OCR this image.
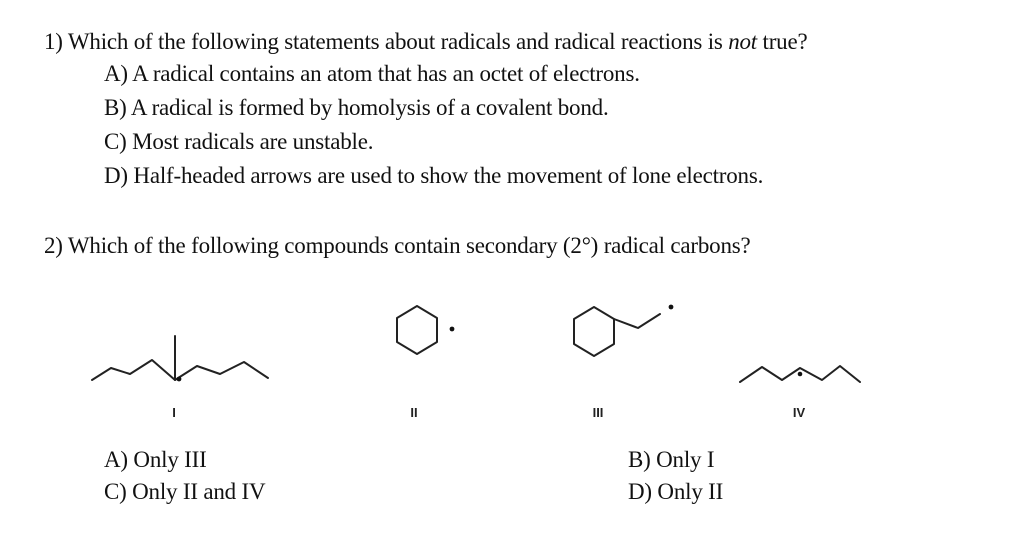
1) Which of the following statements about radicals and radical reactions is not true?
A) A radical contains an atom that has an octet of electrons.
B) A radical is formed by homolysis of a covalent bond.
C) Most radicals are unstable.
D) Half-headed arrows are used to show the movement of lone electrons.
2) Which of the following compounds contain secondary (2°) radical carbons?
I	II	III	IV
A) Only III
C) Only II and IV
B) Only I
D) Only II
